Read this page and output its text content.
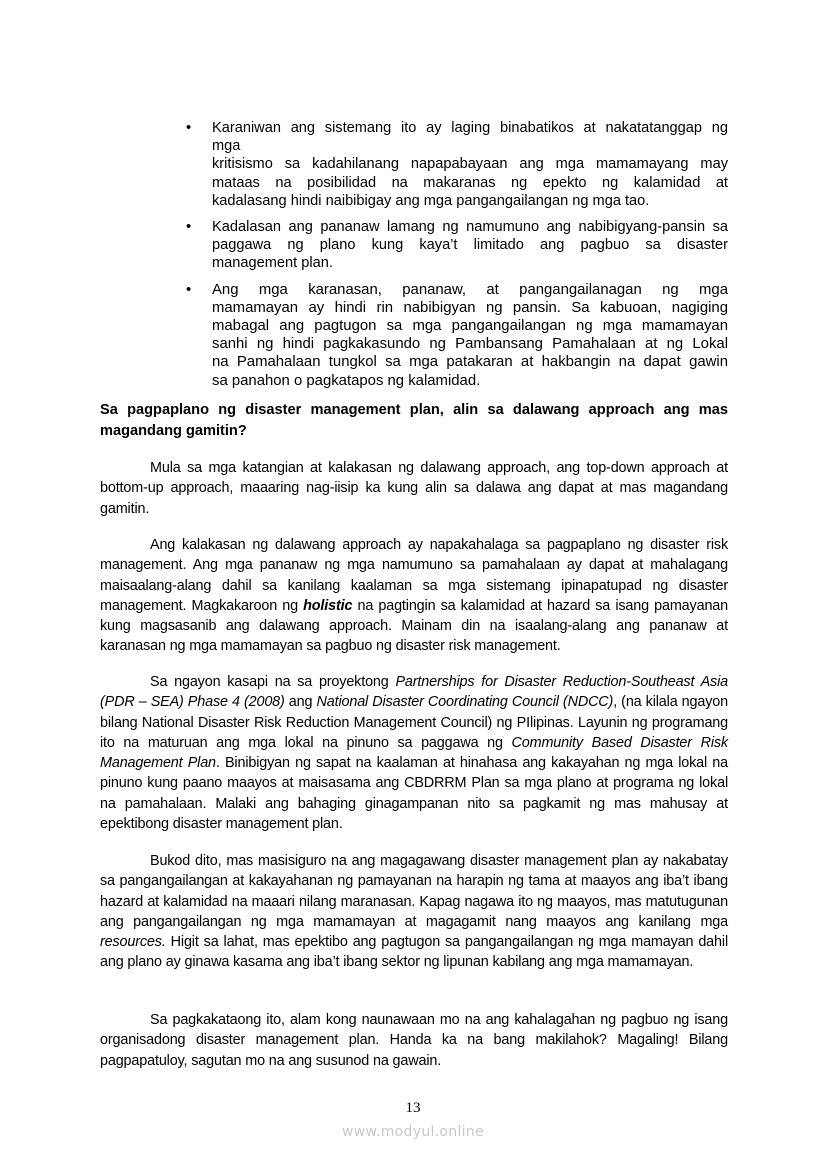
•	Karaniwan ang sistemang ito ay laging binabatikos at nakatatanggap ng
mga
kritisismo sa kadahilanang napapabayaan ang mga mamamayang may
mataas na posibilidad na makaranas ng epekto ng kalamidad at
kadalasang hindi naibibigay ang mga pangangailangan ng mga tao.
•	Kadalasan ang pananaw lamang ng namumuno ang nabibigyang-pansin sa
paggawa ng plano kung kaya’t limitado ang pagbuo sa disaster
management plan.
•	Ang mga karanasan, pananaw, at pangangailanagan ng mga
mamamayan ay hindi rin nabibigyan ng pansin. Sa kabuoan, nagiging
mabagal ang pagtugon sa mga pangangailangan ng mga mamamayan
sanhi ng hindi pagkakasundo ng Pambansang Pamahalaan at ng Lokal
na Pamahalaan tungkol sa mga patakaran at hakbangin na dapat gawin
sa panahon o pagkatapos ng kalamidad.
Sa pagpaplano ng disaster management plan, alin sa dalawang approach ang mas magandang gamitin?

Mula sa mga katangian at kalakasan ng dalawang approach, ang top-down approach at bottom-up approach, maaaring nag-iisip ka kung alin sa dalawa ang dapat at mas magandang gamitin.

Ang kalakasan ng dalawang approach ay napakahalaga sa pagpaplano ng disaster risk management. Ang mga pananaw ng mga namumuno sa pamahalaan ay dapat at mahalagang maisaalang-alang dahil sa kanilang kaalaman sa mga sistemang ipinapatupad ng disaster management. Magkakaroon ng holistic na pagtingin sa kalamidad at hazard sa isang pamayanan kung magsasanib ang dalawang approach. Mainam din na isaalang-alang ang pananaw at karanasan ng mga mamamayan sa pagbuo ng disaster risk management.

Sa ngayon kasapi na sa proyektong Partnerships for Disaster Reduction-Southeast Asia (PDR – SEA) Phase 4 (2008) ang National Disaster Coordinating Council (NDCC), (na kilala ngayon bilang National Disaster Risk Reduction Management Council) ng PIlipinas. Layunin ng programang ito na maturuan ang mga lokal na pinuno sa paggawa ng Community Based Disaster Risk Management Plan. Binibigyan ng sapat na kaalaman at hinahasa ang kakayahan ng mga lokal na pinuno kung paano maayos at maisasama ang CBDRRM Plan sa mga plano at programa ng lokal na pamahalaan. Malaki ang bahaging ginagampanan nito sa pagkamit ng mas mahusay at epektibong disaster management plan.

Bukod dito, mas masisiguro na ang magagawang disaster management plan ay nakabatay sa pangangailangan at kakayahanan ng pamayanan na harapin ng tama at maayos ang iba’t ibang hazard at kalamidad na maaari nilang maranasan. Kapag nagawa ito ng maayos, mas matutugunan ang pangangailangan ng mga mamamayan at magagamit nang maayos ang kanilang mga resources. Higit sa lahat, mas epektibo ang pagtugon sa pangangailangan ng mga mamayan dahil ang plano ay ginawa kasama ang iba’t ibang sektor ng lipunan kabilang ang mga mamamayan.

Sa pagkakataong ito, alam kong naunawaan mo na ang kahalagahan ng pagbuo ng isang organisadong disaster management plan. Handa ka na bang makilahok? Magaling! Bilang pagpapatuloy, sagutan mo na ang susunod na gawain.

13
www.modyul.online
